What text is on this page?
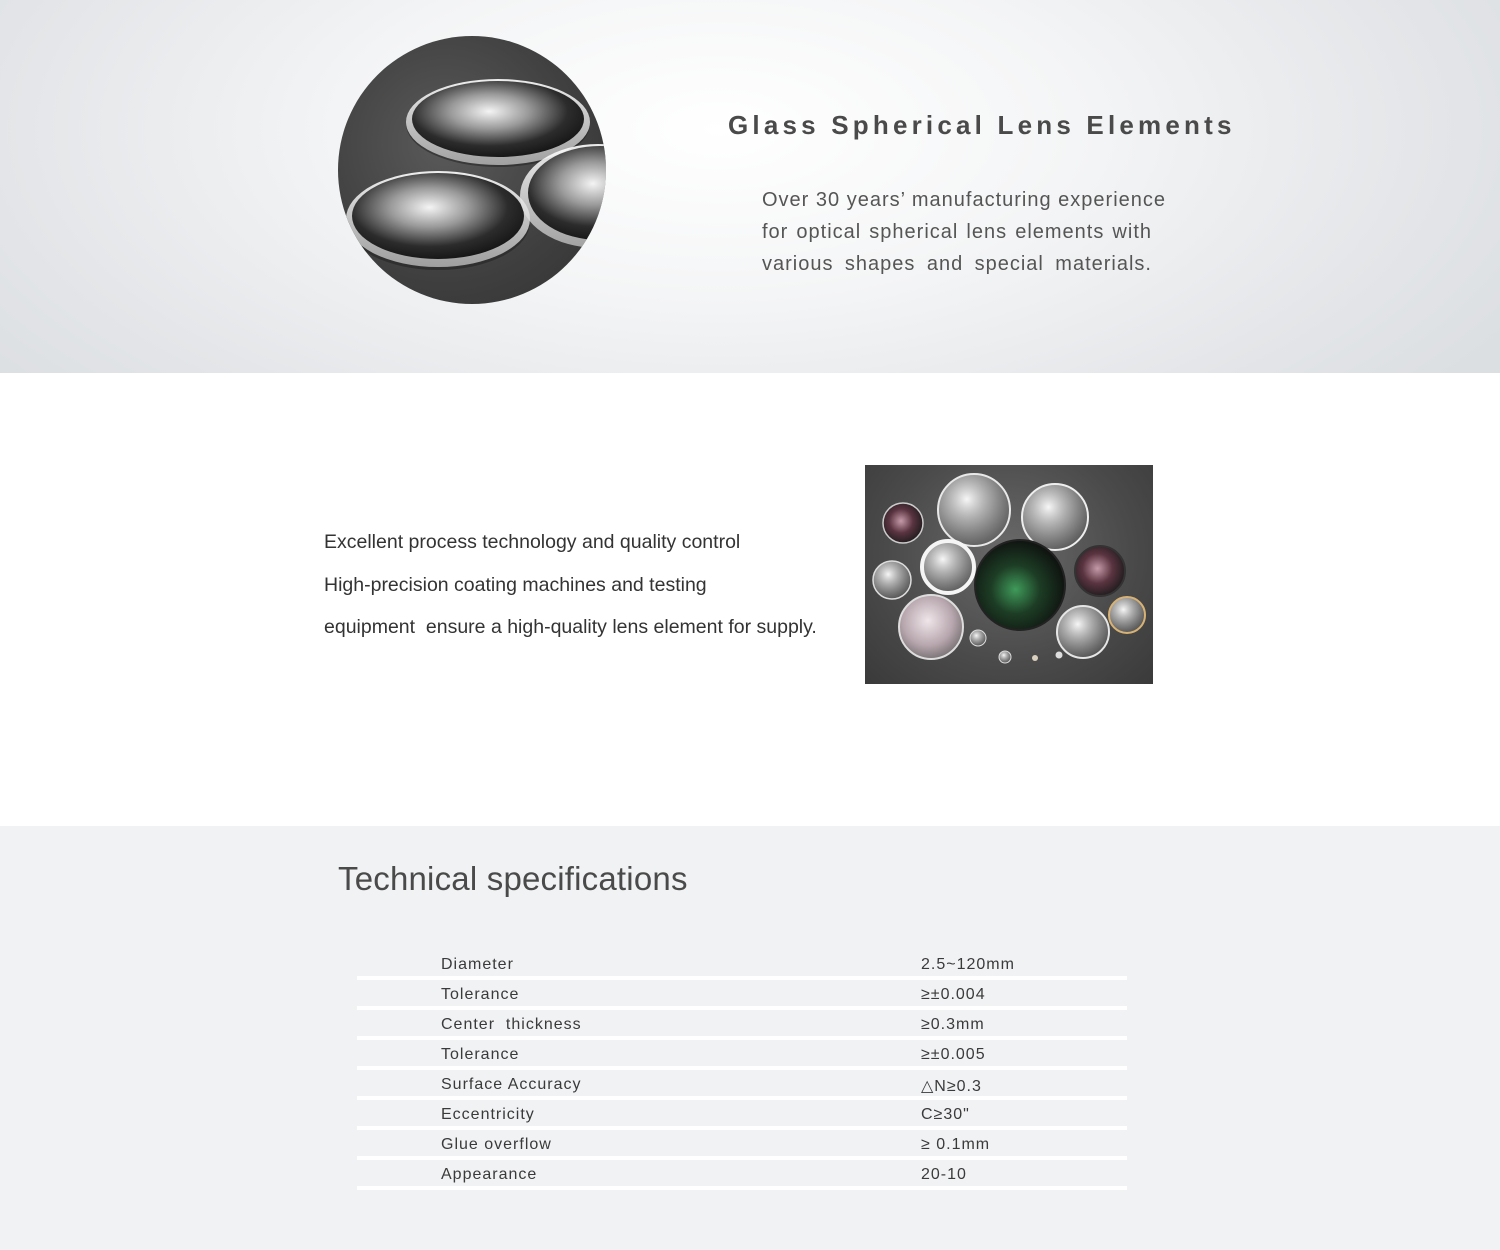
Glass Spherical Lens Elements
Over 30 years’ manufacturing experience
for optical spherical lens elements with
various shapes and special materials.
Excellent process technology and quality control
High-precision coating machines and testing
equipment  ensure a high-quality lens element for supply.
Technical specifications
Diameter	2.5~120mm
Tolerance	≥±0.004
Center  thickness	≥0.3mm
Tolerance	≥±0.005
Surface Accuracy	△N≥0.3
Eccentricity	C≥30"
Glue overflow	≥ 0.1mm
Appearance	20-10
